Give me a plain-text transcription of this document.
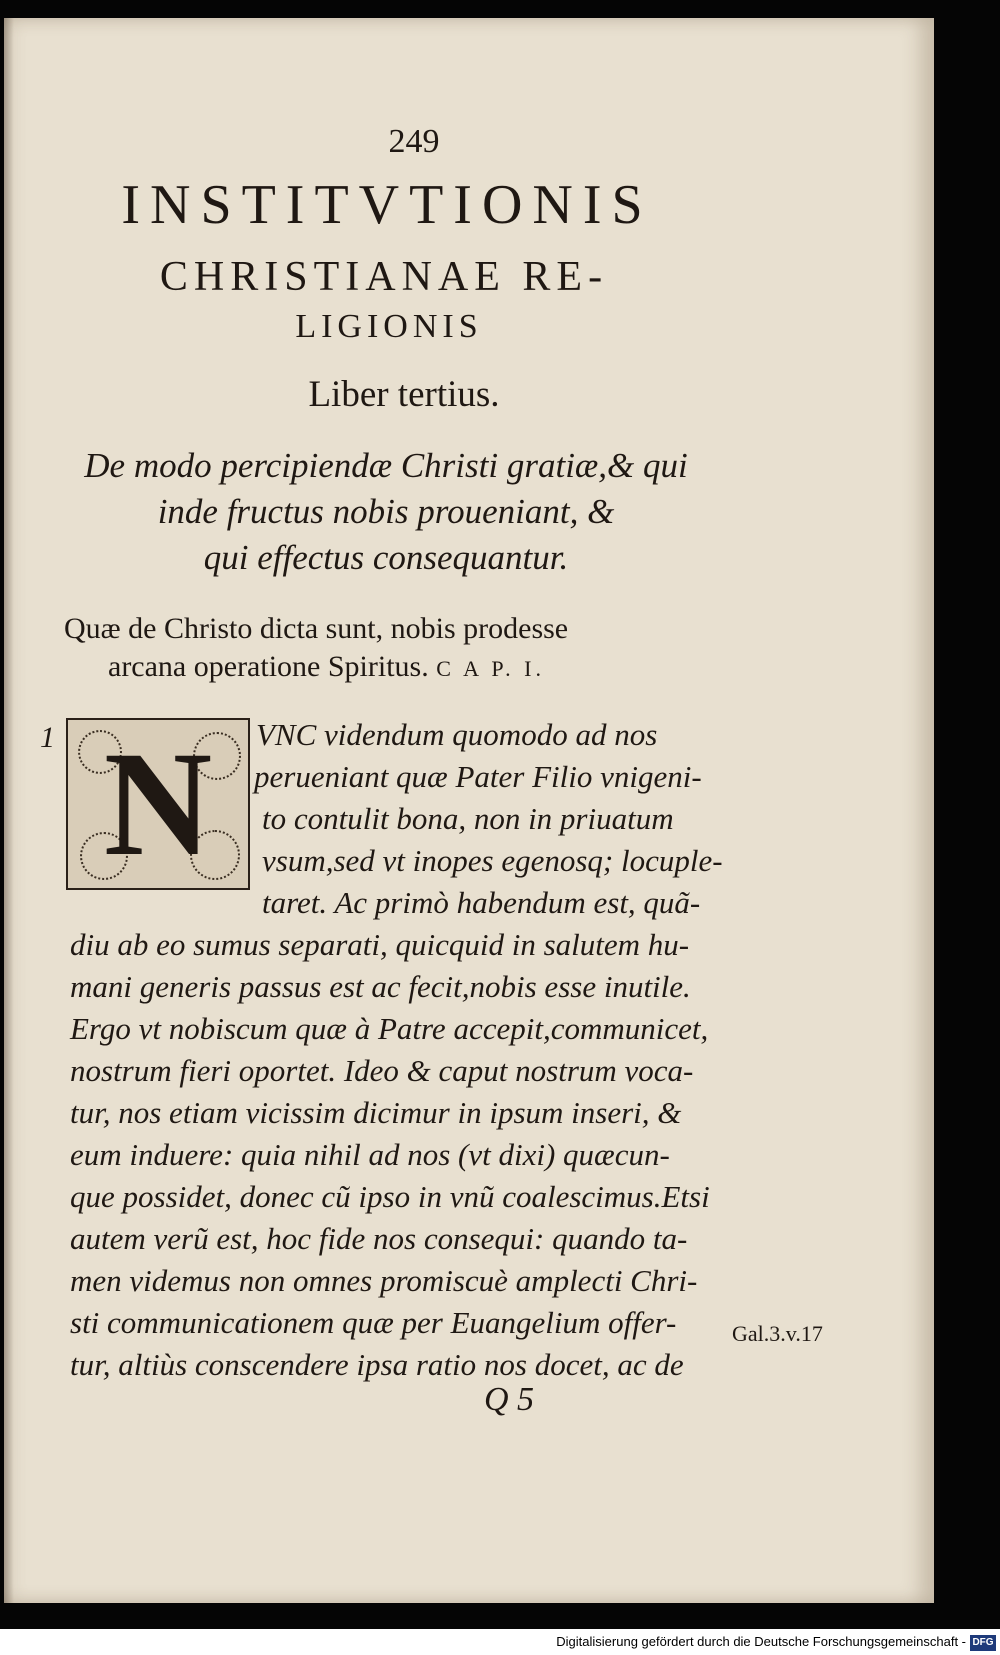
249
INSTITVTIONIS
CHRISTIANAE RE-
LIGIONIS
Liber tertius.
De modo percipiendæ Christi gratiæ,& qui
inde fructus nobis proueniant, &
qui effectus consequantur.
Quæ de Christo dicta sunt, nobis prodesse
arcana operatione Spiritus. C A P. I.
1 N	VNC videndum quomodo ad nos
perueniant quæ Pater Filio vnigeni-
to contulit bona, non in priuatum
vsum,sed vt inopes egenosq; locuple-
taret. Ac primò habendum est, quã-
diu ab eo sumus separati, quicquid in salutem hu-
mani generis passus est ac fecit,nobis esse inutile.
Ergo vt nobiscum quæ à Patre accepit,communicet,
nostrum fieri oportet. Ideo & caput nostrum voca-
tur, nos etiam vicissim dicimur in ipsum inseri, &
eum induere: quia nihil ad nos (vt dixi) quæcun-
que possidet, donec cũ ipso in vnũ coalescimus.Etsi
autem verũ est, hoc fide nos consequi: quando ta-
men videmus non omnes promiscuè amplecti Chri-
sti communicationem quæ per Euangelium offer-
tur, altiùs conscendere ipsa ratio nos docet, ac de
Gal.3.v.17
Q 5
Digitalisierung gefördert durch die Deutsche Forschungsgemeinschaft - DFG
